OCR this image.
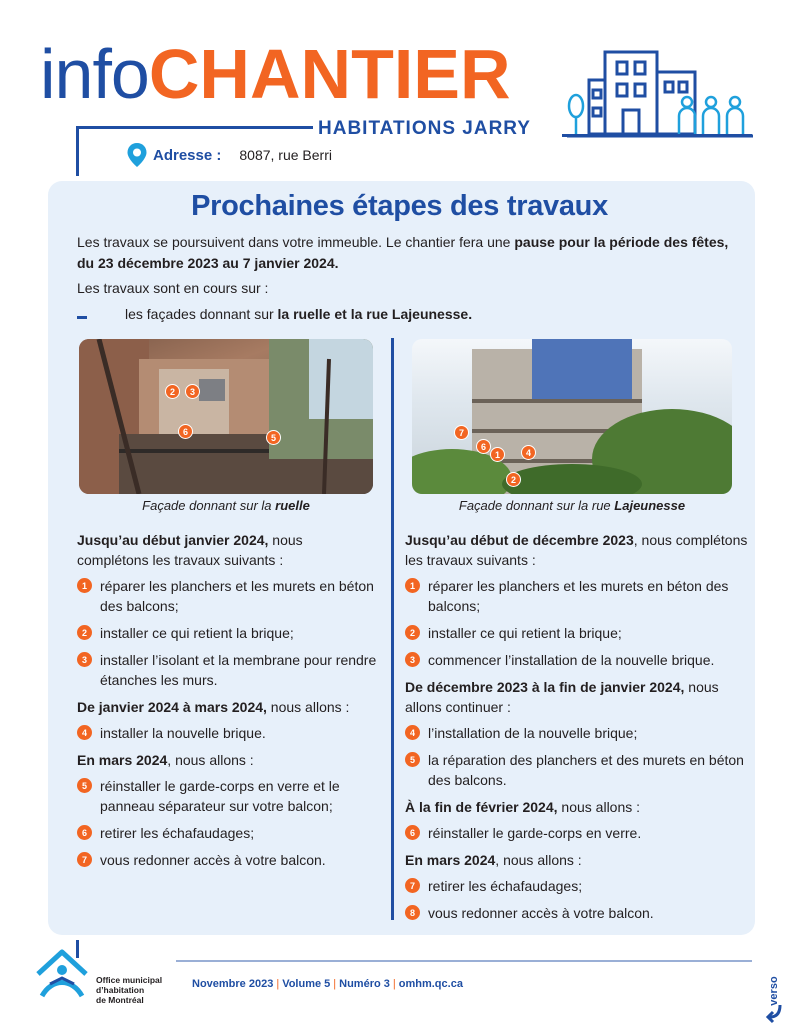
infoCHANTIER
HABITATIONS JARRY
Adresse : 8087, rue Berri
Prochaines étapes des travaux
Les travaux se poursuivent dans votre immeuble. Le chantier fera une pause pour la période des fêtes, du 23 décembre 2023 au 7 janvier 2024.
Les travaux sont en cours sur :
les façades donnant sur
la ruelle et la rue Lajeunesse.
2	3
6
5
Façade donnant sur la ruelle
7
6
1	4
2
Façade donnant sur la rue Lajeunesse
Jusqu’au début janvier 2024, nous complétons les travaux suivants :
1 réparer les planchers et les murets en béton des balcons;
2 installer ce qui retient la brique;
3 installer l’isolant et la membrane pour rendre étanches les murs.
De janvier 2024 à mars 2024, nous allons :
4 installer la nouvelle brique.
En mars 2024, nous allons :
5 réinstaller le garde-corps en verre et le panneau séparateur sur votre balcon;
6 retirer les échafaudages;
7 vous redonner accès à votre balcon.
Jusqu’au début de décembre 2023, nous complétons les travaux suivants :
1 réparer les planchers et les murets en béton des balcons;
2 installer ce qui retient la brique;
3 commencer l’installation de la nouvelle brique.
De décembre 2023 à la fin de janvier 2024, nous allons continuer :
4 l’installation de la nouvelle brique;
5 la réparation des planchers et des murets en béton des balcons.
À la fin de février 2024, nous allons :
6 réinstaller le garde-corps en verre.
En mars 2024, nous allons :
7 retirer les échafaudages;
8 vous redonner accès à votre balcon.
Office municipal
d’habitation
de Montréal
Novembre 2023 | Volume 5 | Numéro 3 | omhm.qc.ca	verso
